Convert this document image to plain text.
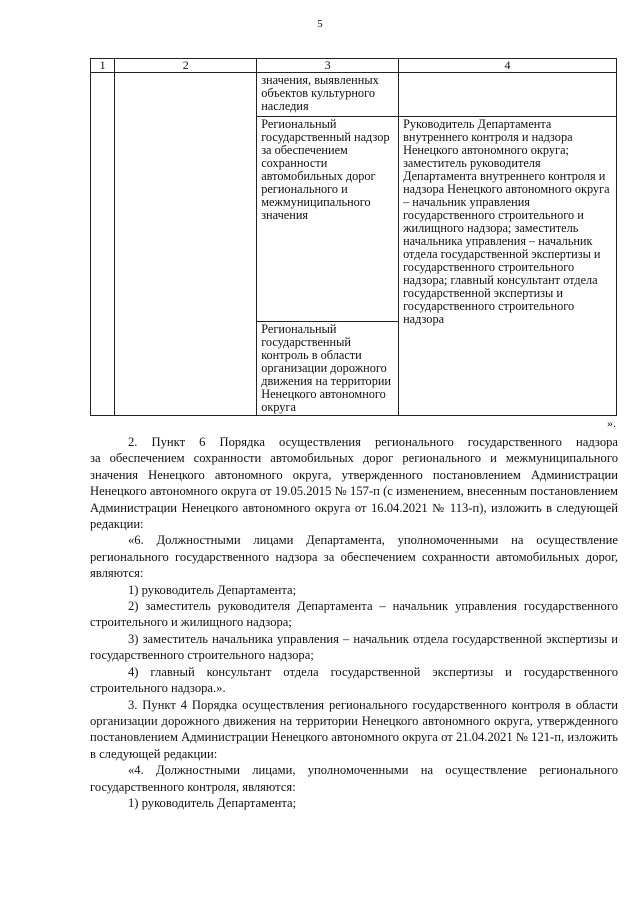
5
1	2	3	4
		значения, выявленных объектов культурного наследия	
		Региональный государственный надзор за обеспечением сохранности автомобильных дорог регионального и межмуниципального значения	Руководитель Департамента внутреннего контроля и надзора Ненецкого автономного округа; заместитель руководителя Департамента внутреннего контроля и надзора Ненецкого автономного округа – начальник управления государственного строительного и жилищного надзора; заместитель начальника управления – начальник отдела государственной экспертизы и государственного строительного надзора; главный консультант отдела государственной экспертизы и государственного строительного надзора
		Региональный государственный контроль в области организации дорожного движения на территории Ненецкого автономного округа	
».

2. Пункт 6 Порядка осуществления регионального государственного надзора

за обеспечением сохранности автомобильных дорог регионального и межмуниципального значения Ненецкого автономного округа, утвержденного постановлением Администрации Ненецкого автономного округа от 19.05.2015 № 157-п (с изменением, внесенным постановлением Администрации Ненецкого автономного округа от 16.04.2021 № 113-п), изложить в следующей редакции:

«6. Должностными лицами Департамента, уполномоченными на осуществление регионального государственного надзора за обеспечением сохранности автомобильных дорог, являются:

1) руководитель Департамента;

2) заместитель руководителя Департамента – начальник управления государственного строительного и жилищного надзора;

3) заместитель начальника управления – начальник отдела государственной экспертизы и государственного строительного надзора;

4) главный консультант отдела государственной экспертизы и государственного строительного надзора.».

3. Пункт 4 Порядка осуществления регионального государственного контроля в области организации дорожного движения на территории Ненецкого автономного округа, утвержденного постановлением Администрации Ненецкого автономного округа от 21.04.2021 № 121-п, изложить в следующей редакции:

«4. Должностными лицами, уполномоченными на осуществление регионального государственного контроля, являются:

1) руководитель Департамента;
